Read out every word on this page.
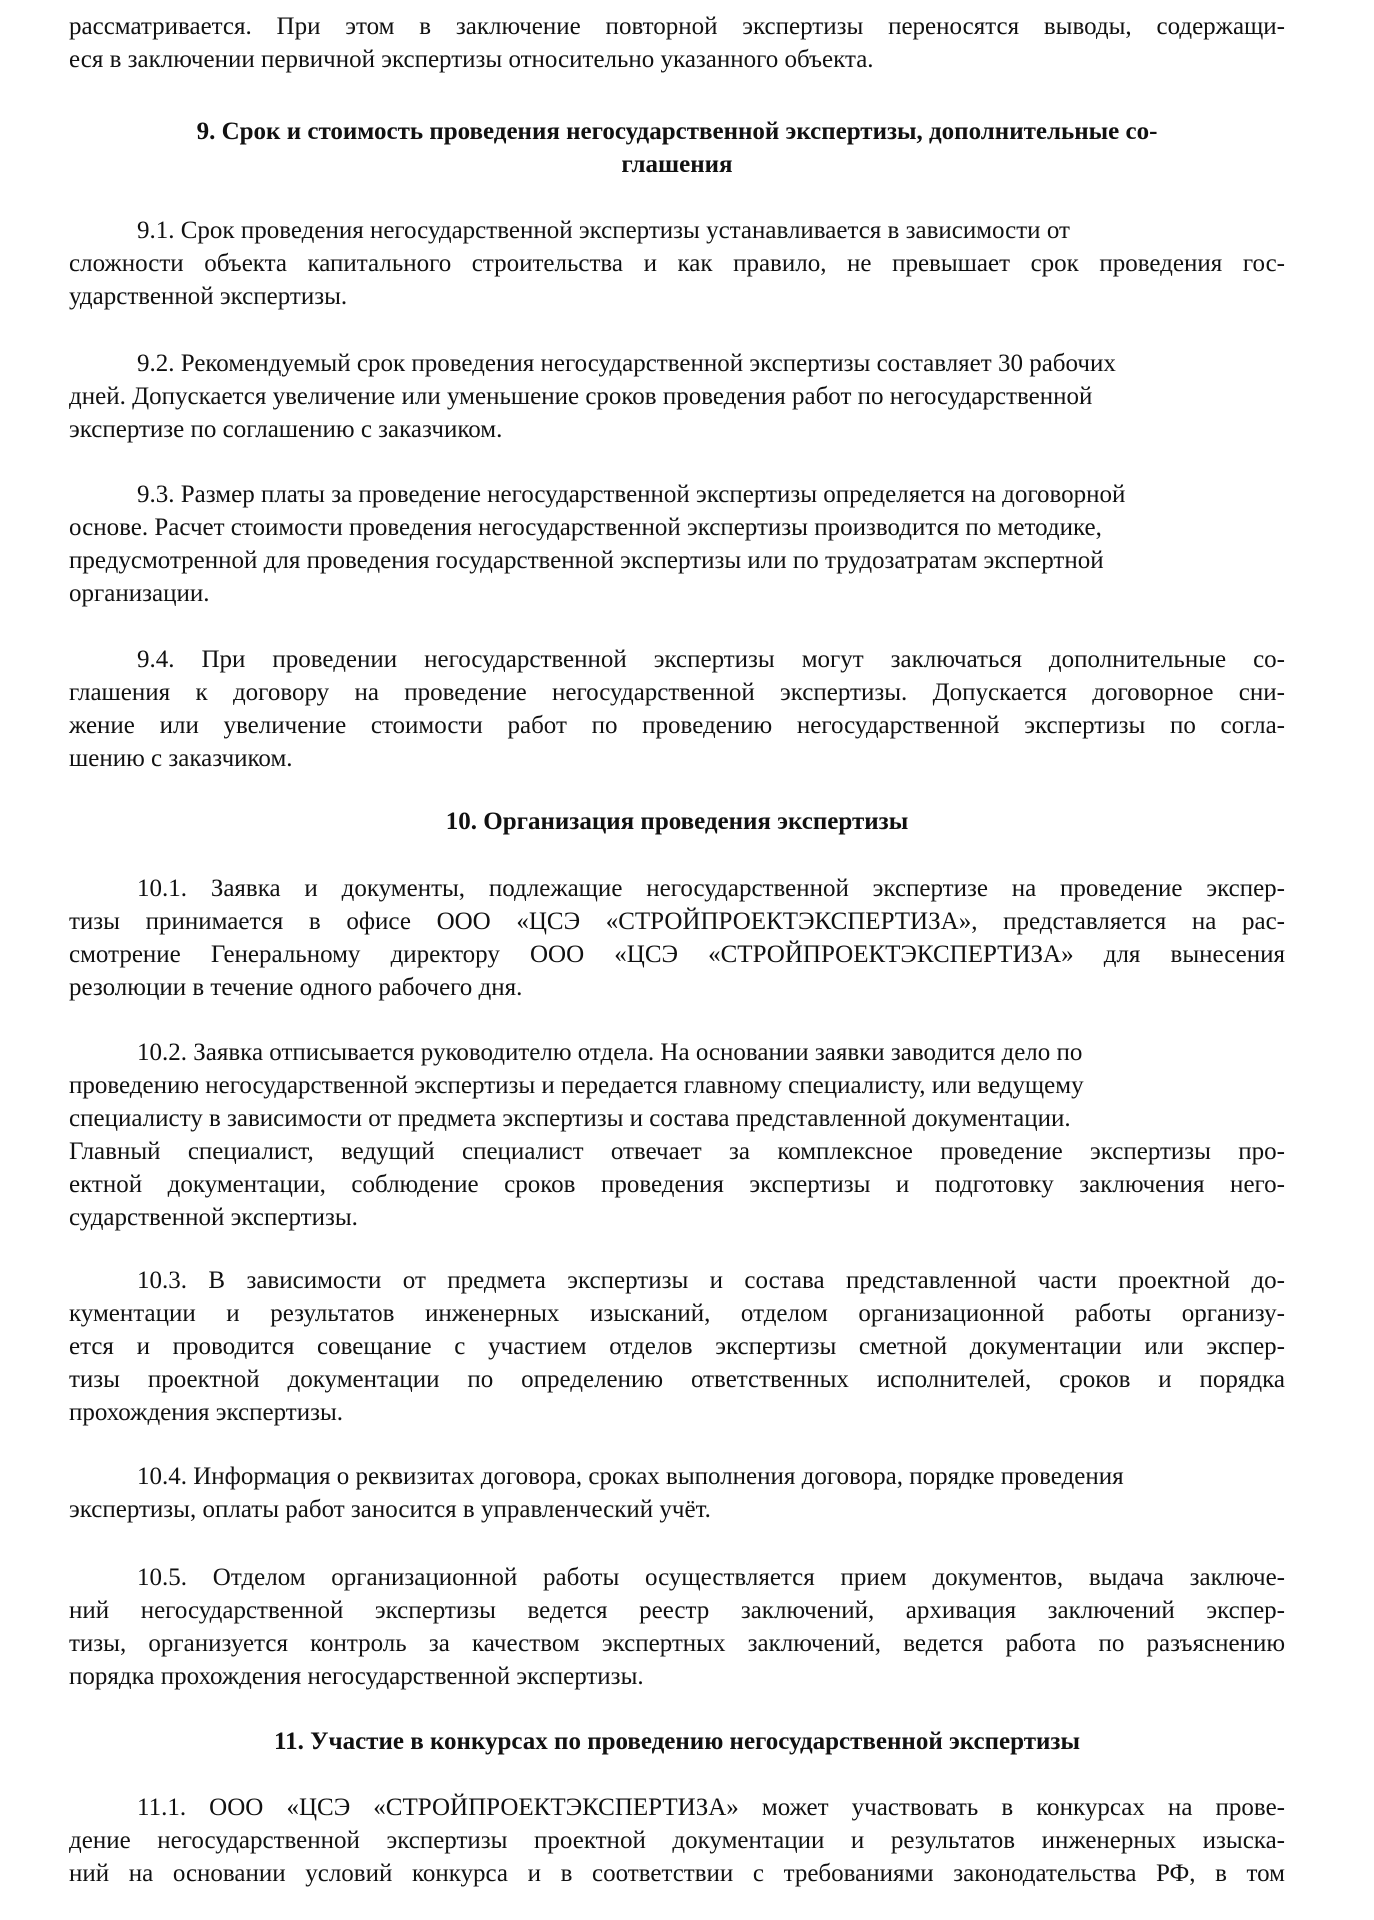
рассматривается. При этом в заключение повторной экспертизы переносятся выводы, содержащи-
еся в заключении первичной экспертизы относительно указанного объекта.
9. Срок и стоимость проведения негосударственной экспертизы, дополнительные со-
глашения
9.1. Срок проведения негосударственной экспертизы устанавливается в зависимости от
сложности объекта капитального строительства и как правило, не превышает срок проведения гос-
ударственной экспертизы.
9.2. Рекомендуемый срок проведения негосударственной экспертизы составляет 30 рабочих
дней. Допускается увеличение или уменьшение сроков проведения работ по негосударственной
экспертизе по соглашению с заказчиком.
9.3. Размер платы за проведение негосударственной экспертизы определяется на договорной
основе. Расчет стоимости проведения негосударственной экспертизы производится по методике,
предусмотренной для проведения государственной экспертизы или по трудозатратам экспертной
организации.
9.4. При проведении негосударственной экспертизы могут заключаться дополнительные со-
глашения к договору на проведение негосударственной экспертизы. Допускается договорное сни-
жение или увеличение стоимости работ по проведению негосударственной экспертизы по согла-
шению с заказчиком.
10. Организация проведения экспертизы
10.1. Заявка и документы, подлежащие негосударственной экспертизе на проведение экспер-
тизы принимается в офисе ООО «ЦСЭ «СТРОЙПРОЕКТЭКСПЕРТИЗА», представляется на рас-
смотрение Генеральному директору ООО «ЦСЭ «СТРОЙПРОЕКТЭКСПЕРТИЗА» для вынесения
резолюции в течение одного рабочего дня.
10.2. Заявка отписывается руководителю отдела. На основании заявки заводится дело по
проведению негосударственной экспертизы и передается главному специалисту, или ведущему
специалисту в зависимости от предмета экспертизы и состава представленной документации.
Главный специалист, ведущий специалист отвечает за комплексное проведение экспертизы про-
ектной документации, соблюдение сроков проведения экспертизы и подготовку заключения него-
сударственной экспертизы.
10.3. В зависимости от предмета экспертизы и состава представленной части проектной до-
кументации и результатов инженерных изысканий, отделом организационной работы организу-
ется и проводится совещание с участием отделов экспертизы сметной документации или экспер-
тизы проектной документации по определению ответственных исполнителей, сроков и порядка
прохождения экспертизы.
10.4. Информация о реквизитах договора, сроках выполнения договора, порядке проведения
экспертизы, оплаты работ заносится в управленческий учёт.
10.5. Отделом организационной работы осуществляется прием документов, выдача заключе-
ний негосударственной экспертизы ведется реестр заключений, архивация заключений экспер-
тизы, организуется контроль за качеством экспертных заключений, ведется работа по разъяснению
порядка прохождения негосударственной экспертизы.
11. Участие в конкурсах по проведению негосударственной экспертизы
11.1. ООО «ЦСЭ «СТРОЙПРОЕКТЭКСПЕРТИЗА» может участвовать в конкурсах на прове-
дение негосударственной экспертизы проектной документации и результатов инженерных изыска-
ний на основании условий конкурса и в соответствии с требованиями законодательства РФ, в том
